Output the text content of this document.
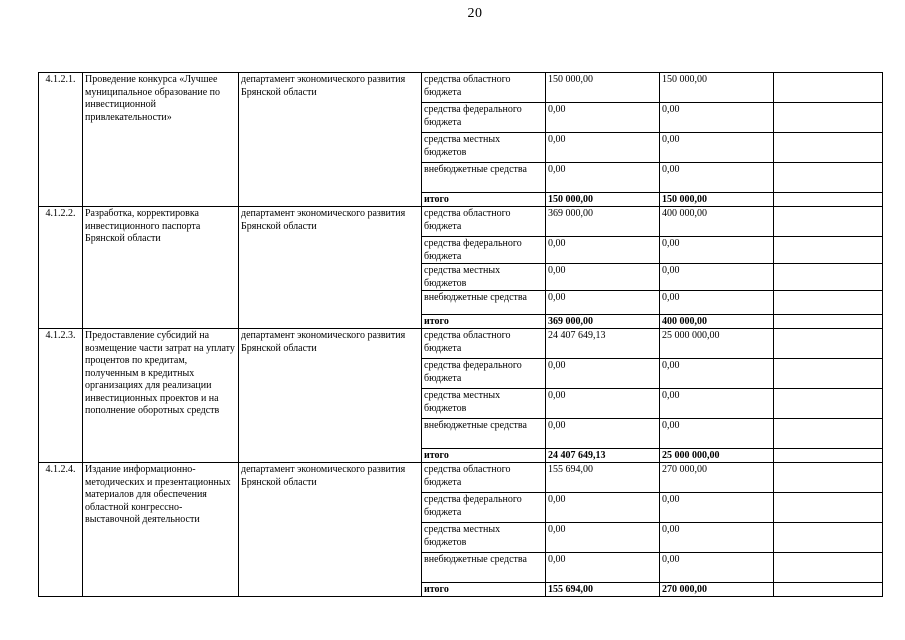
20
4.1.2.1.	Проведение конкурса «Лучшее муниципальное образование по инвестиционной привлекательности»	департамент экономического развития Брянской области	средства областного бюджета	150 000,00	150 000,00	
			средства федерального бюджета	0,00	0,00	
			средства местных бюджетов	0,00	0,00	
			внебюджетные средства	0,00	0,00	
			итого	150 000,00	150 000,00	
4.1.2.2.	Разработка, корректировка инвестиционного паспорта Брянской области	департамент экономического развития Брянской области	средства областного бюджета	369 000,00	400 000,00	
			средства федерального бюджета	0,00	0,00	
			средства местных бюджетов	0,00	0,00	
			внебюджетные средства	0,00	0,00	
			итого	369 000,00	400 000,00	
4.1.2.3.	Предоставление субсидий на возмещение части затрат на уплату процентов по кредитам, полученным в кредитных организациях для реализации инвестиционных проектов и на пополнение оборотных средств	департамент экономического развития Брянской области	средства областного бюджета	24 407 649,13	25 000 000,00	
			средства федерального бюджета	0,00	0,00	
			средства местных бюджетов	0,00	0,00	
			внебюджетные средства	0,00	0,00	
			итого	24 407 649,13	25 000 000,00	
4.1.2.4.	Издание информационно-методических и презентационных материалов для обеспечения областной конгрессно-выставочной деятельности	департамент экономического развития Брянской области	средства областного бюджета	155 694,00	270 000,00	
			средства федерального бюджета	0,00	0,00	
			средства местных бюджетов	0,00	0,00	
			внебюджетные средства	0,00	0,00	
			итого	155 694,00	270 000,00	
